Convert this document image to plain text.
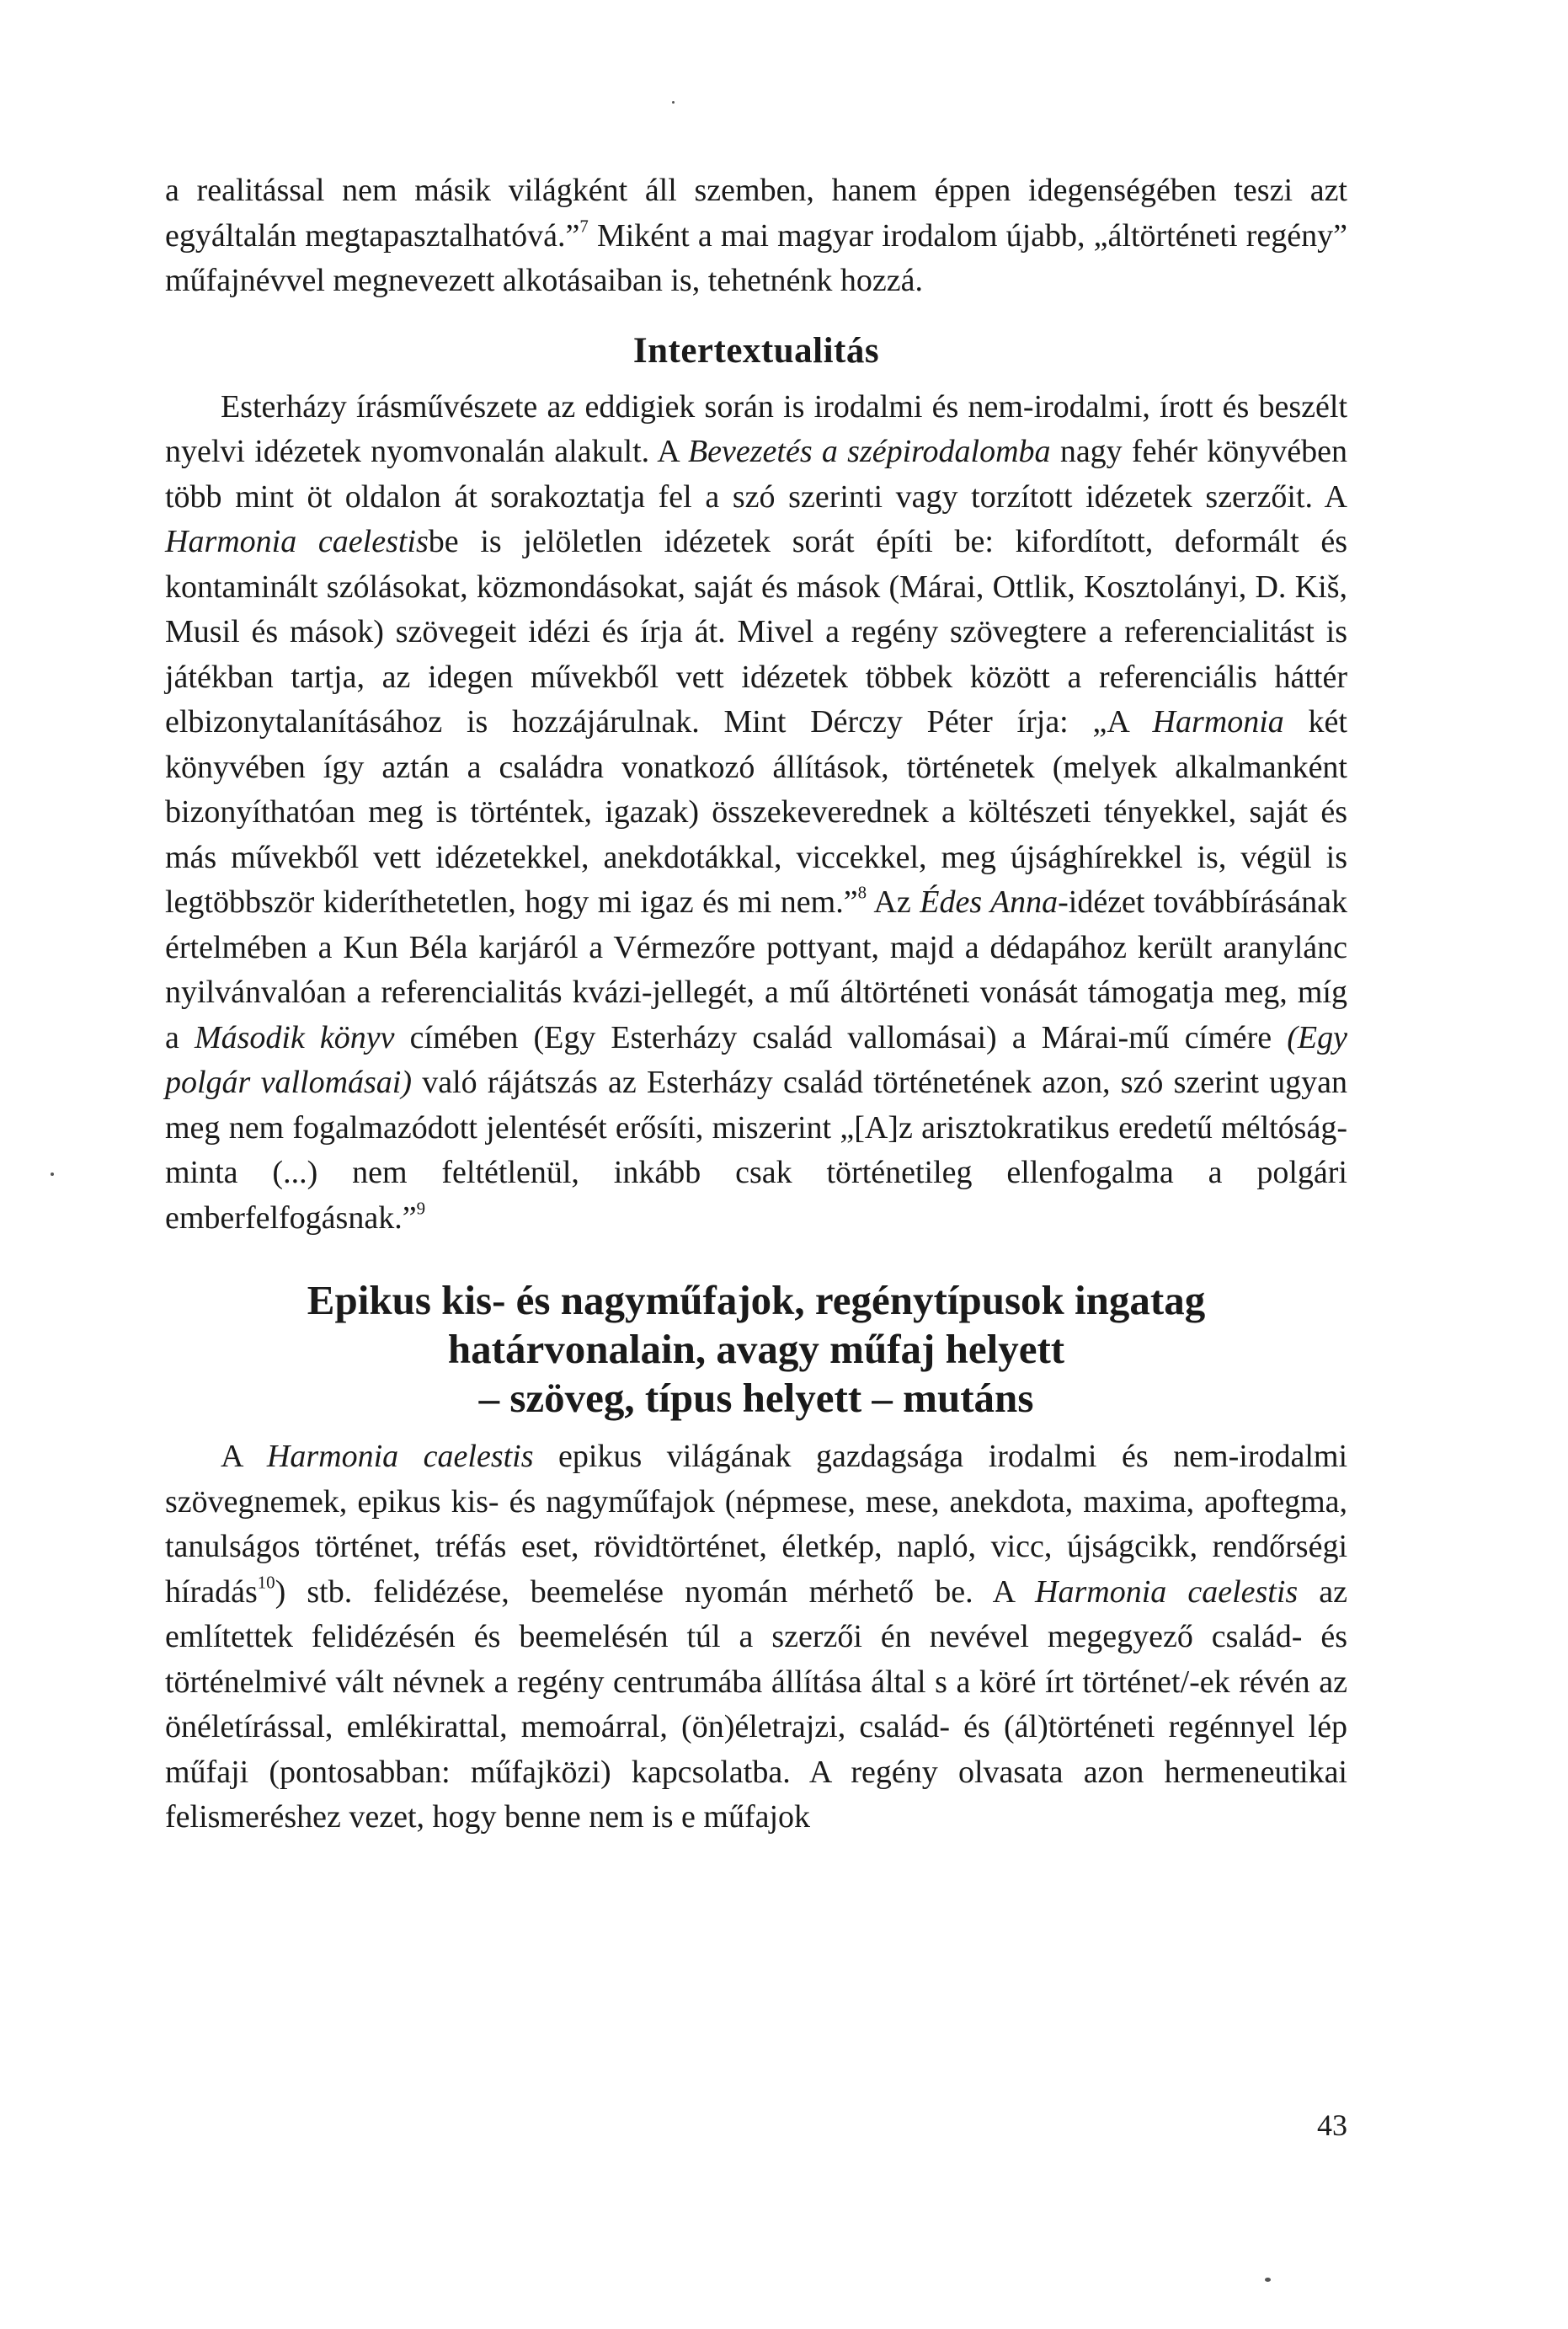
a realitással nem másik világként áll szemben, hanem éppen idegenségében teszi azt egyáltalán megtapasztalhatóvá.”$^7$ Miként a mai magyar irodalom újabb, „áltörténeti regény” műfajnévvel megnevezett alkotásaiban is, tehetnénk hozzá.

Intertextualitás

Esterházy írásművészete az eddigiek során is irodalmi és nem-irodalmi, írott és beszélt nyelvi idézetek nyomvonalán alakult. A Bevezetés a szépirodalomba nagy fehér könyvében több mint öt oldalon át sorakoztatja fel a szó szerinti vagy torzított idézetek szerzőit. A Harmonia caelestisbe is jelöletlen idézetek sorát építi be: kifordított, deformált és kontaminált szólásokat, közmondásokat, saját és mások (Márai, Ottlik, Kosztolányi, D. Kiš, Musil és mások) szövegeit idézi és írja át. Mivel a regény szövegtere a referencialitást is játékban tartja, az idegen művekből vett idézetek többek között a referenciális háttér elbizonytalanításához is hozzájárulnak. Mint Dérczy Péter írja: „A Harmonia két könyvében így aztán a családra vonatkozó állítások, történetek (melyek alkalmanként bizonyíthatóan meg is történtek, igazak) összekeverednek a költészeti tényekkel, saját és más művekből vett idézetekkel, anekdotákkal, viccekkel, meg újsághírekkel is, végül is legtöbbször kideríthetetlen, hogy mi igaz és mi nem.”$^8$ Az Édes Anna-idézet továbbírásának értelmében a Kun Béla karjáról a Vérmezőre pottyant, majd a dédapához került aranylánc nyilvánvalóan a referencialitás kvázi-jellegét, a mű áltörténeti vonását támogatja meg, míg a Második könyv címében (Egy Esterházy család vallomásai) a Márai-mű címére (Egy polgár vallomásai) való rájátszás az Esterházy család történetének azon, szó szerint ugyan meg nem fogalmazódott jelentését erősíti, miszerint „[A]z arisztokratikus eredetű méltóság-minta (...) nem feltétlenül, inkább csak történetileg ellenfogalma a polgári emberfelfogásnak.”$^9$

Epikus kis- és nagyműfajok, regénytípusok ingatag
határvonalain, avagy műfaj helyett
– szöveg, típus helyett – mutáns

A Harmonia caelestis epikus világának gazdagsága irodalmi és nem-irodalmi szövegnemek, epikus kis- és nagyműfajok (népmese, mese, anekdota, maxima, apoftegma, tanulságos történet, tréfás eset, rövidtörténet, életkép, napló, vicc, újságcikk, rendőrségi híradás$^{10}$) stb. felidézése, beemelése nyomán mérhető be. A Harmonia caelestis az említettek felidézésén és beemelésén túl a szerzői én nevével megegyező család- és történelmivé vált névnek a regény centrumába állítása által s a köré írt történet/-ek révén az önéletírással, emlékirattal, memoárral, (ön)életrajzi, család- és (ál)történeti regénnyel lép műfaji (pontosabban: műfajközi) kapcsolatba. A regény olvasata azon hermeneutikai felismeréshez vezet, hogy benne nem is e műfajok

43
